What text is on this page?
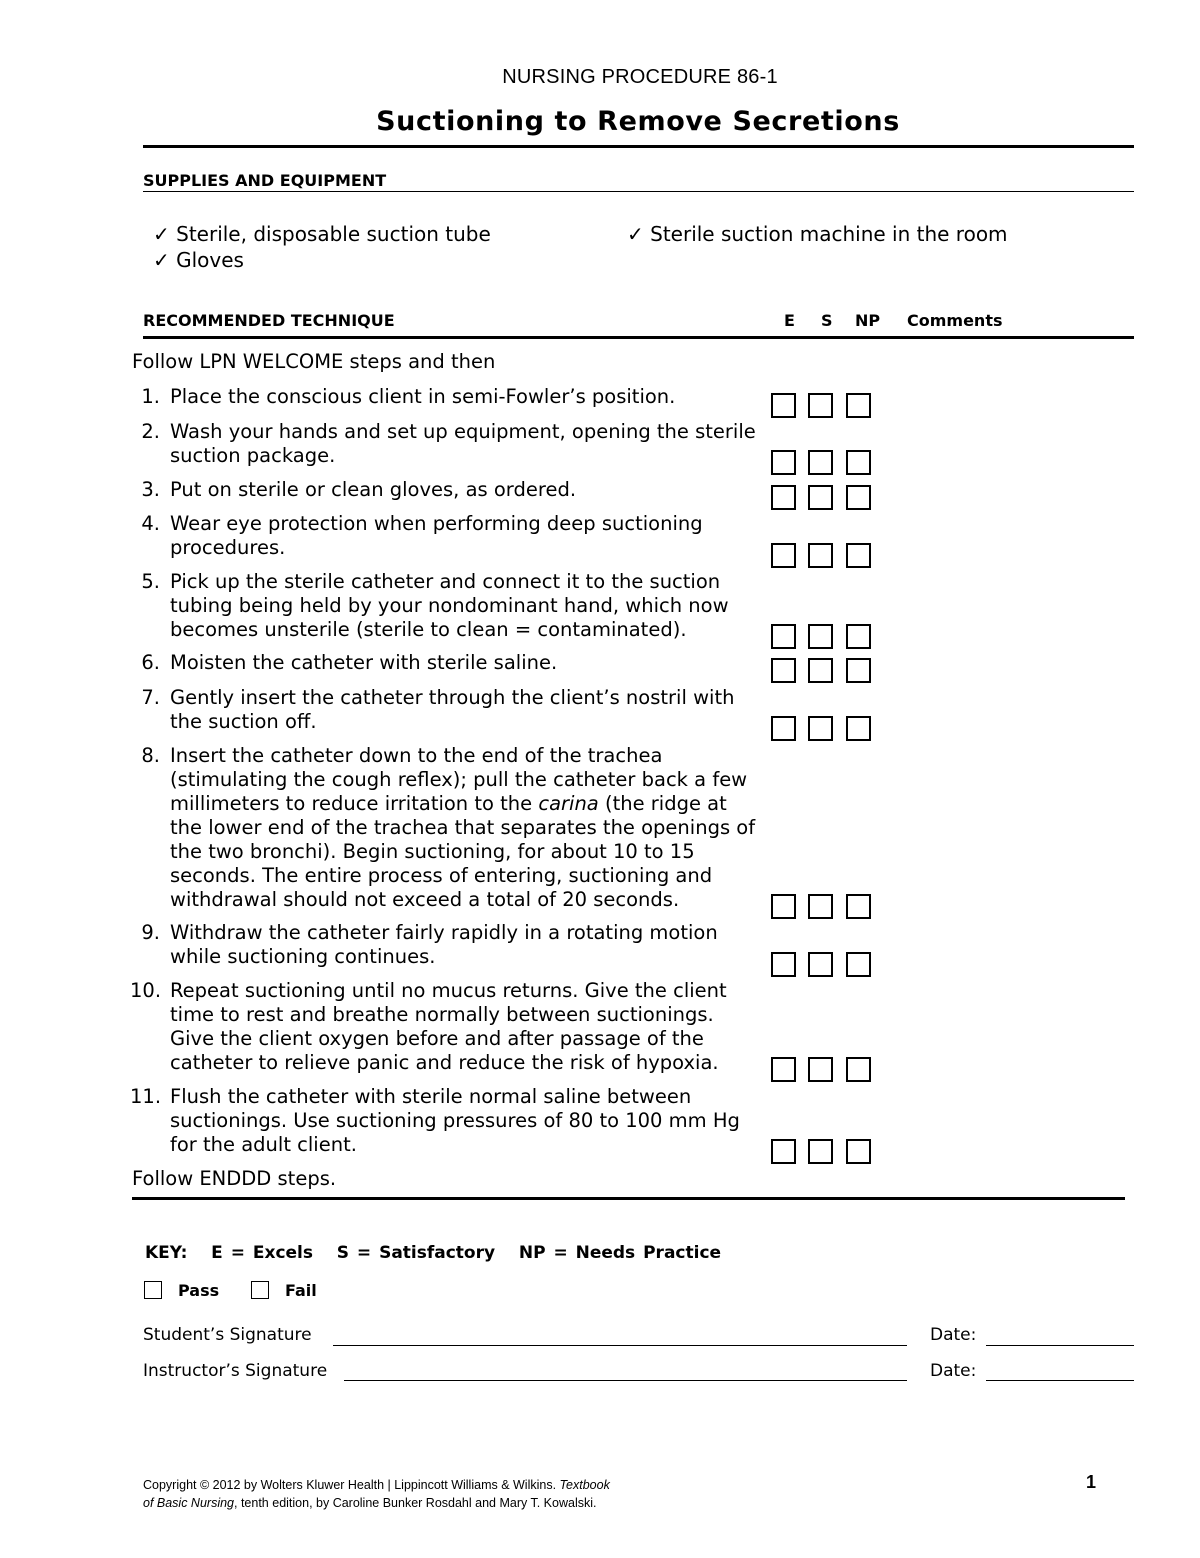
NURSING PROCEDURE 86-1
Suctioning to Remove Secretions
SUPPLIES AND EQUIPMENT
✓ Sterile, disposable suction tube
✓ Gloves
✓ Sterile suction machine in the room
RECOMMENDED TECHNIQUE	E S NP Comments
Follow LPN WELCOME steps and then
1. Place the conscious client in semi-Fowler’s position.
2. Wash your hands and set up equipment, opening the sterile
suction package.
3. Put on sterile or clean gloves, as ordered.
4. Wear eye protection when performing deep suctioning
procedures.
5. Pick up the sterile catheter and connect it to the suction
tubing being held by your nondominant hand, which now
becomes unsterile (sterile to clean = contaminated).
6. Moisten the catheter with sterile saline.
7. Gently insert the catheter through the client’s nostril with
the suction off.
8. Insert the catheter down to the end of the trachea
(stimulating the cough reflex); pull the catheter back a few
millimeters to reduce irritation to the carina (the ridge at
the lower end of the trachea that separates the openings of
the two bronchi). Begin suctioning, for about 10 to 15
seconds. The entire process of entering, suctioning and
withdrawal should not exceed a total of 20 seconds.
9. Withdraw the catheter fairly rapidly in a rotating motion
while suctioning continues.
10. Repeat suctioning until no mucus returns. Give the client
time to rest and breathe normally between suctionings.
Give the client oxygen before and after passage of the
catheter to relieve panic and reduce the risk of hypoxia.
11. Flush the catheter with sterile normal saline between
suctionings. Use suctioning pressures of 80 to 100 mm Hg
for the adult client.
Follow ENDDD steps.
KEY:   E = Excels   S = Satisfactory   NP = Needs Practice
Pass	Fail
Student’s Signature	Date:
Instructor’s Signature	Date:
Copyright © 2012 by Wolters Kluwer Health | Lippincott Williams & Wilkins. Textbook
of Basic Nursing, tenth edition, by Caroline Bunker Rosdahl and Mary T. Kowalski.
1
